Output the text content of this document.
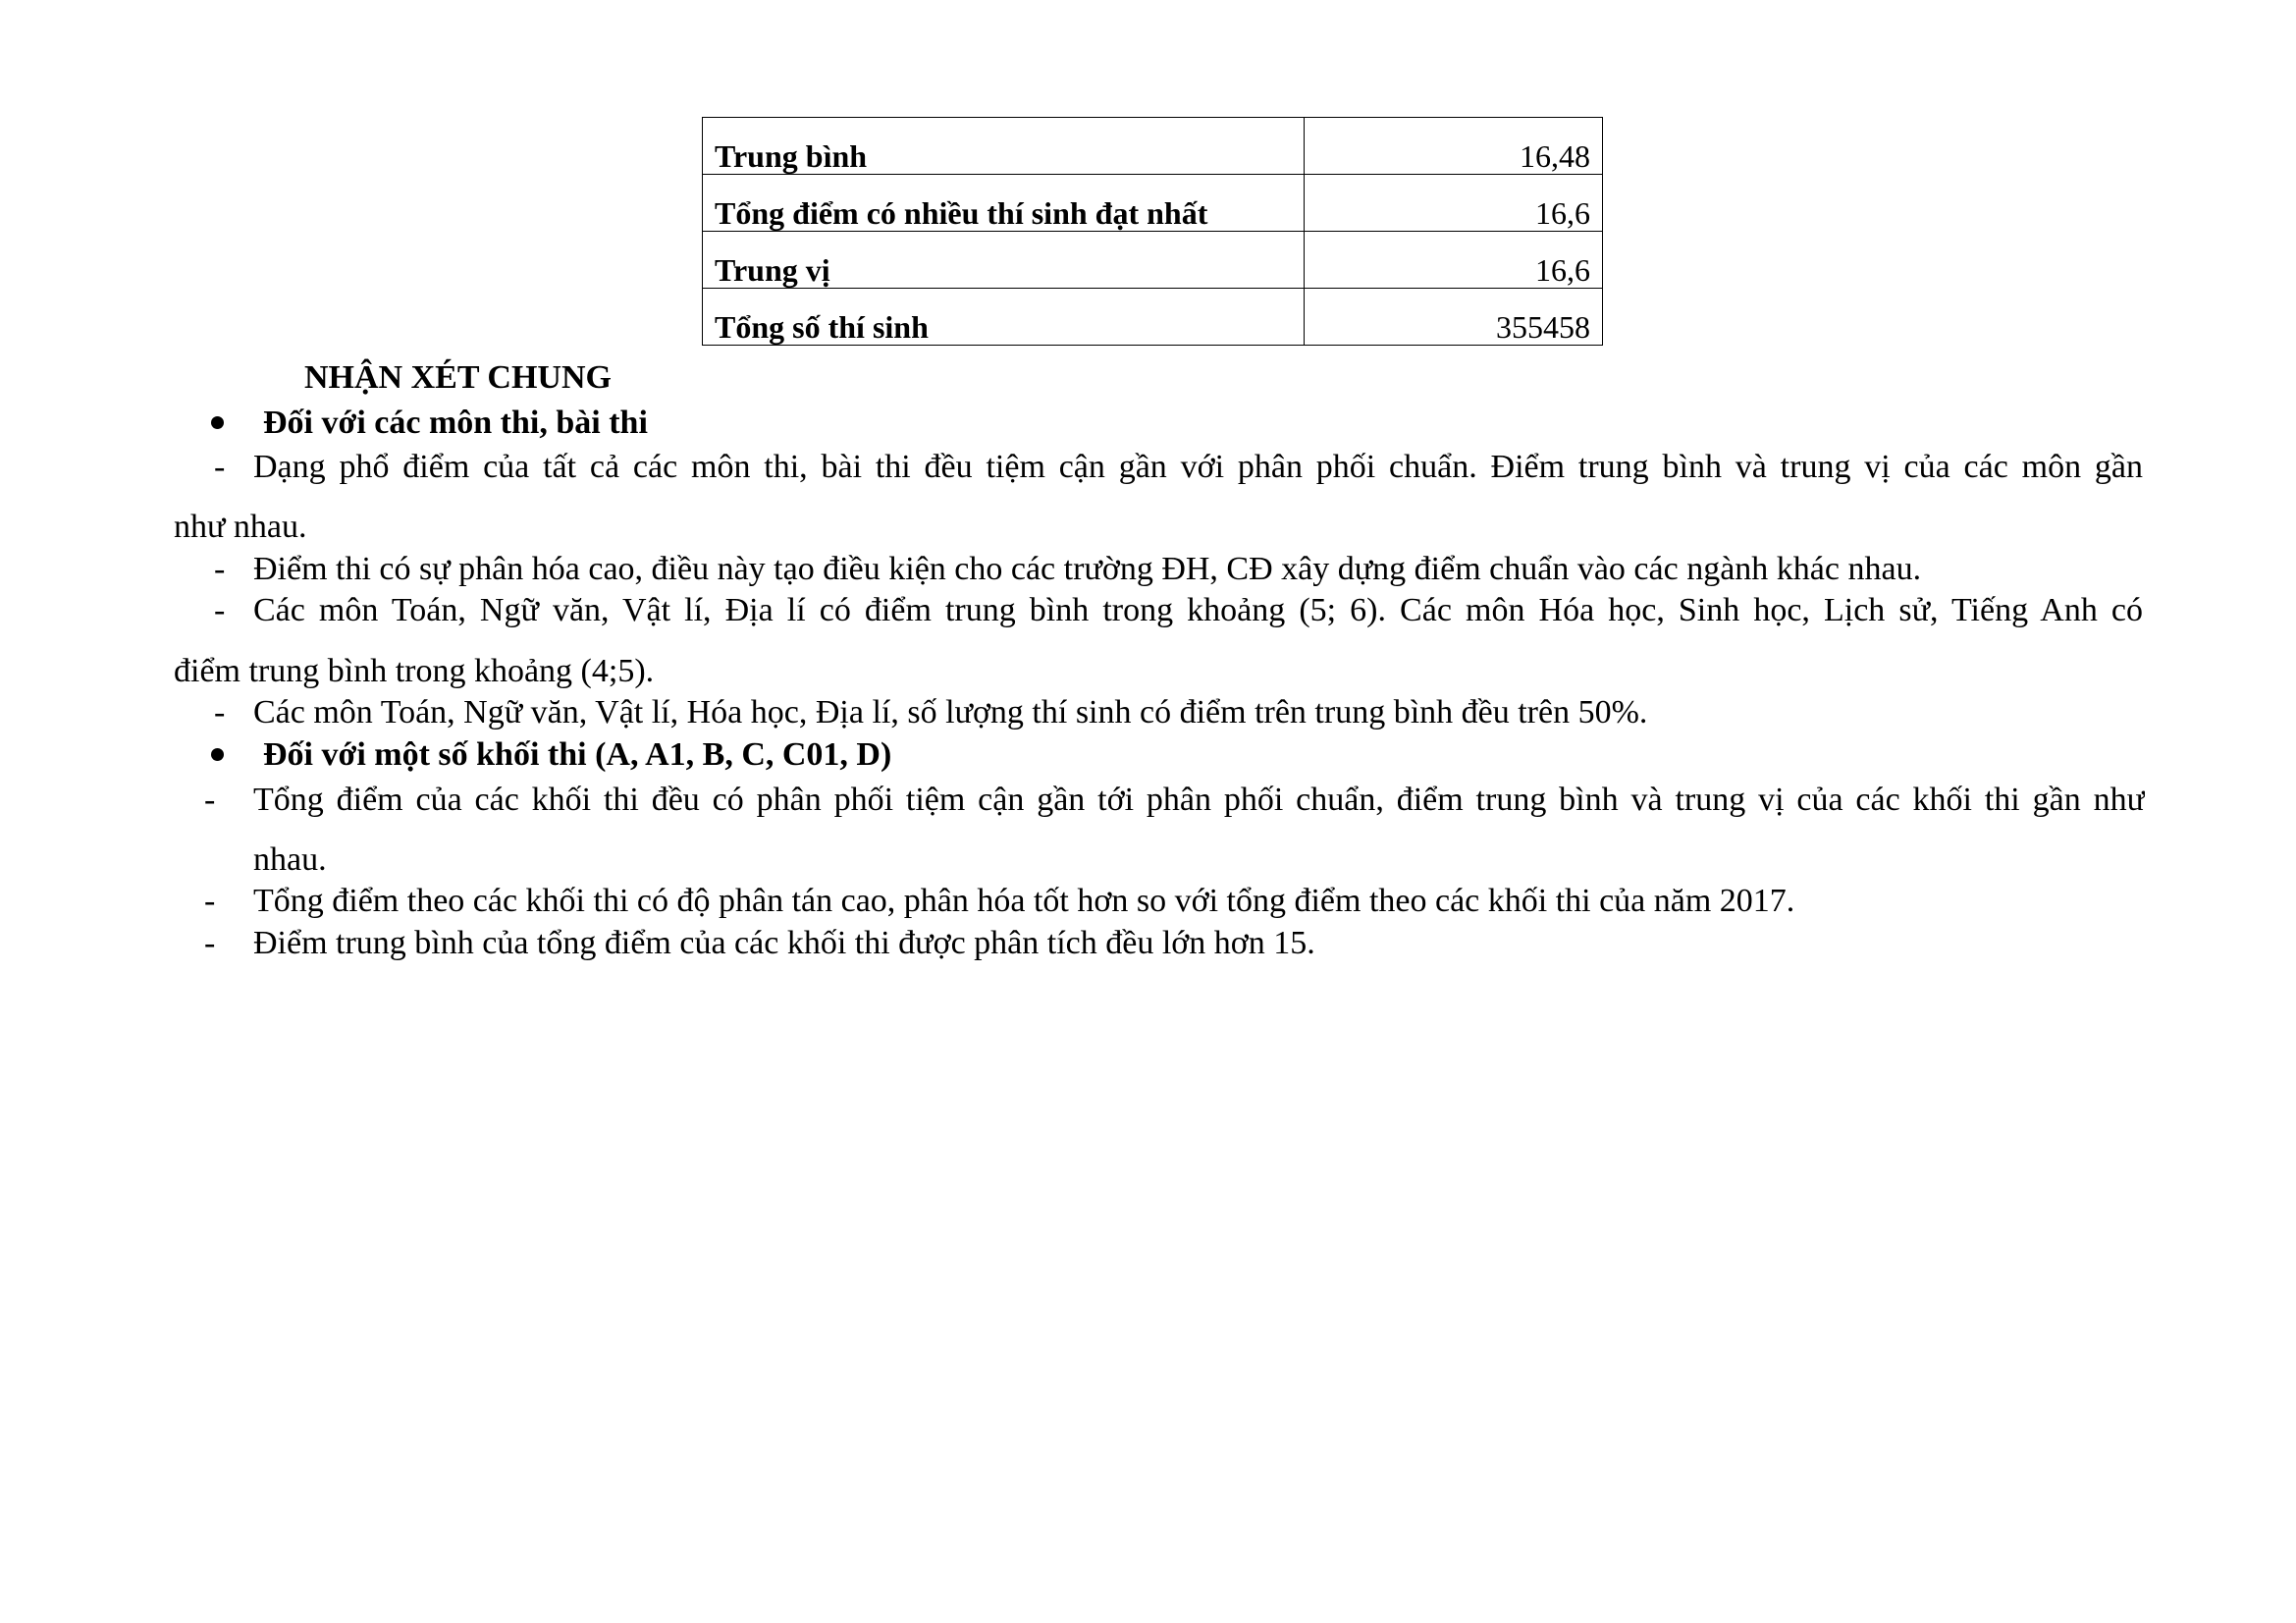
Trung bình	16,48
Tổng điểm có nhiều thí sinh đạt nhất	16,6
Trung vị	16,6
Tổng số thí sinh	355458
NHẬN XÉT CHUNG
Đối với các môn thi, bài thi
- Dạng phổ điểm của tất cả các môn thi, bài thi đều tiệm cận gần với phân phối chuẩn. Điểm trung bình và trung vị của các môn gần
như nhau.
- Điểm thi có sự phân hóa cao, điều này tạo điều kiện cho các trường ĐH, CĐ xây dựng điểm chuẩn vào các ngành khác nhau.
- Các môn Toán, Ngữ văn, Vật lí, Địa lí có điểm trung bình trong khoảng (5; 6). Các môn Hóa học, Sinh học, Lịch sử, Tiếng Anh có
điểm trung bình trong khoảng (4;5).
- Các môn Toán, Ngữ văn, Vật lí, Hóa học, Địa lí, số lượng thí sinh có điểm trên trung bình đều trên 50%.
Đối với một số khối thi (A, A1, B, C, C01, D)
- Tổng điểm của các khối thi đều có phân phối tiệm cận gần tới phân phối chuẩn, điểm trung bình và trung vị của các khối thi gần như
nhau.
- Tổng điểm theo các khối thi có độ phân tán cao, phân hóa tốt hơn so với tổng điểm theo các khối thi của năm 2017.
- Điểm trung bình của tổng điểm của các khối thi được phân tích đều lớn hơn 15.
